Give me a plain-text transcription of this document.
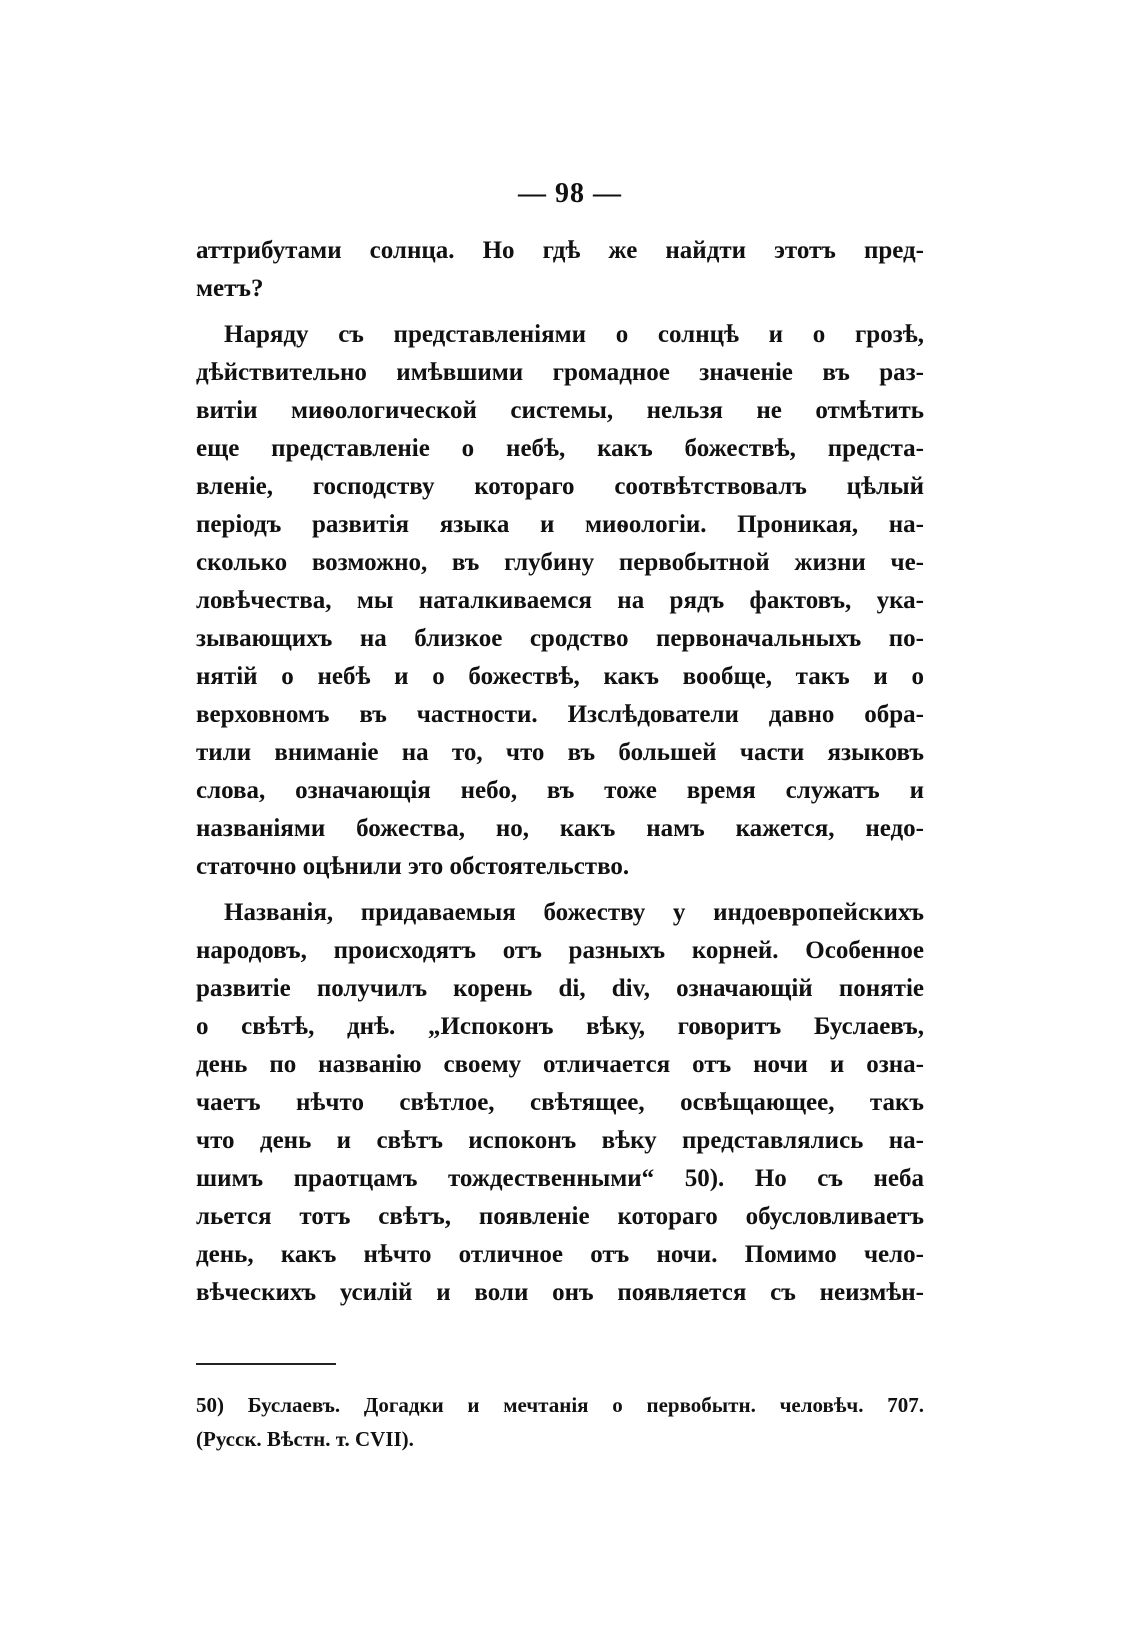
— 98 —
аттрибутами солнца. Но гдѣ же найдти этотъ пред-
метъ?
Наряду съ представленіями о солнцѣ и о грозѣ,
дѣйствительно имѣвшими громадное значеніе въ раз-
витіи миѳологической системы, нельзя не отмѣтить
еще представленіе о небѣ, какъ божествѣ, предста-
вленіе, господству котораго соотвѣтствовалъ цѣлый
періодъ развитія языка и миѳологіи. Проникая, на-
сколько возможно, въ глубину первобытной жизни че-
ловѣчества, мы наталкиваемся на рядъ фактовъ, ука-
зывающихъ на близкое сродство первоначальныхъ по-
нятій о небѣ и о божествѣ, какъ вообще, такъ и о
верховномъ въ частности. Изслѣдователи давно обра-
тили вниманіе на то, что въ большей части языковъ
слова, означающія небо, въ тоже время служатъ и
названіями божества, но, какъ намъ кажется, недо-
статочно оцѣнили это обстоятельство.
Названія, придаваемыя божеству у индоевропейскихъ
народовъ, происходятъ отъ разныхъ корней. Особенное
развитіе получилъ корень di, div, означающій понятіе
о свѣтѣ, днѣ. „Испоконъ вѣку, говоритъ Буслаевъ,
день по названію своему отличается отъ ночи и озна-
чаетъ нѣчто свѣтлое, свѣтящее, освѣщающее, такъ
что день и свѣтъ испоконъ вѣку представлялись на-
шимъ праотцамъ тождественными“ 50). Но съ неба
льется тотъ свѣтъ, появленіе котораго обусловливаетъ
день, какъ нѣчто отличное отъ ночи. Помимо чело-
вѣческихъ усилій и воли онъ появляется съ неизмѣн-
50) Буслаевъ. Догадки и мечтанія о первобытн. человѣч. 707.
(Русск. Вѣстн. т. СVII).
